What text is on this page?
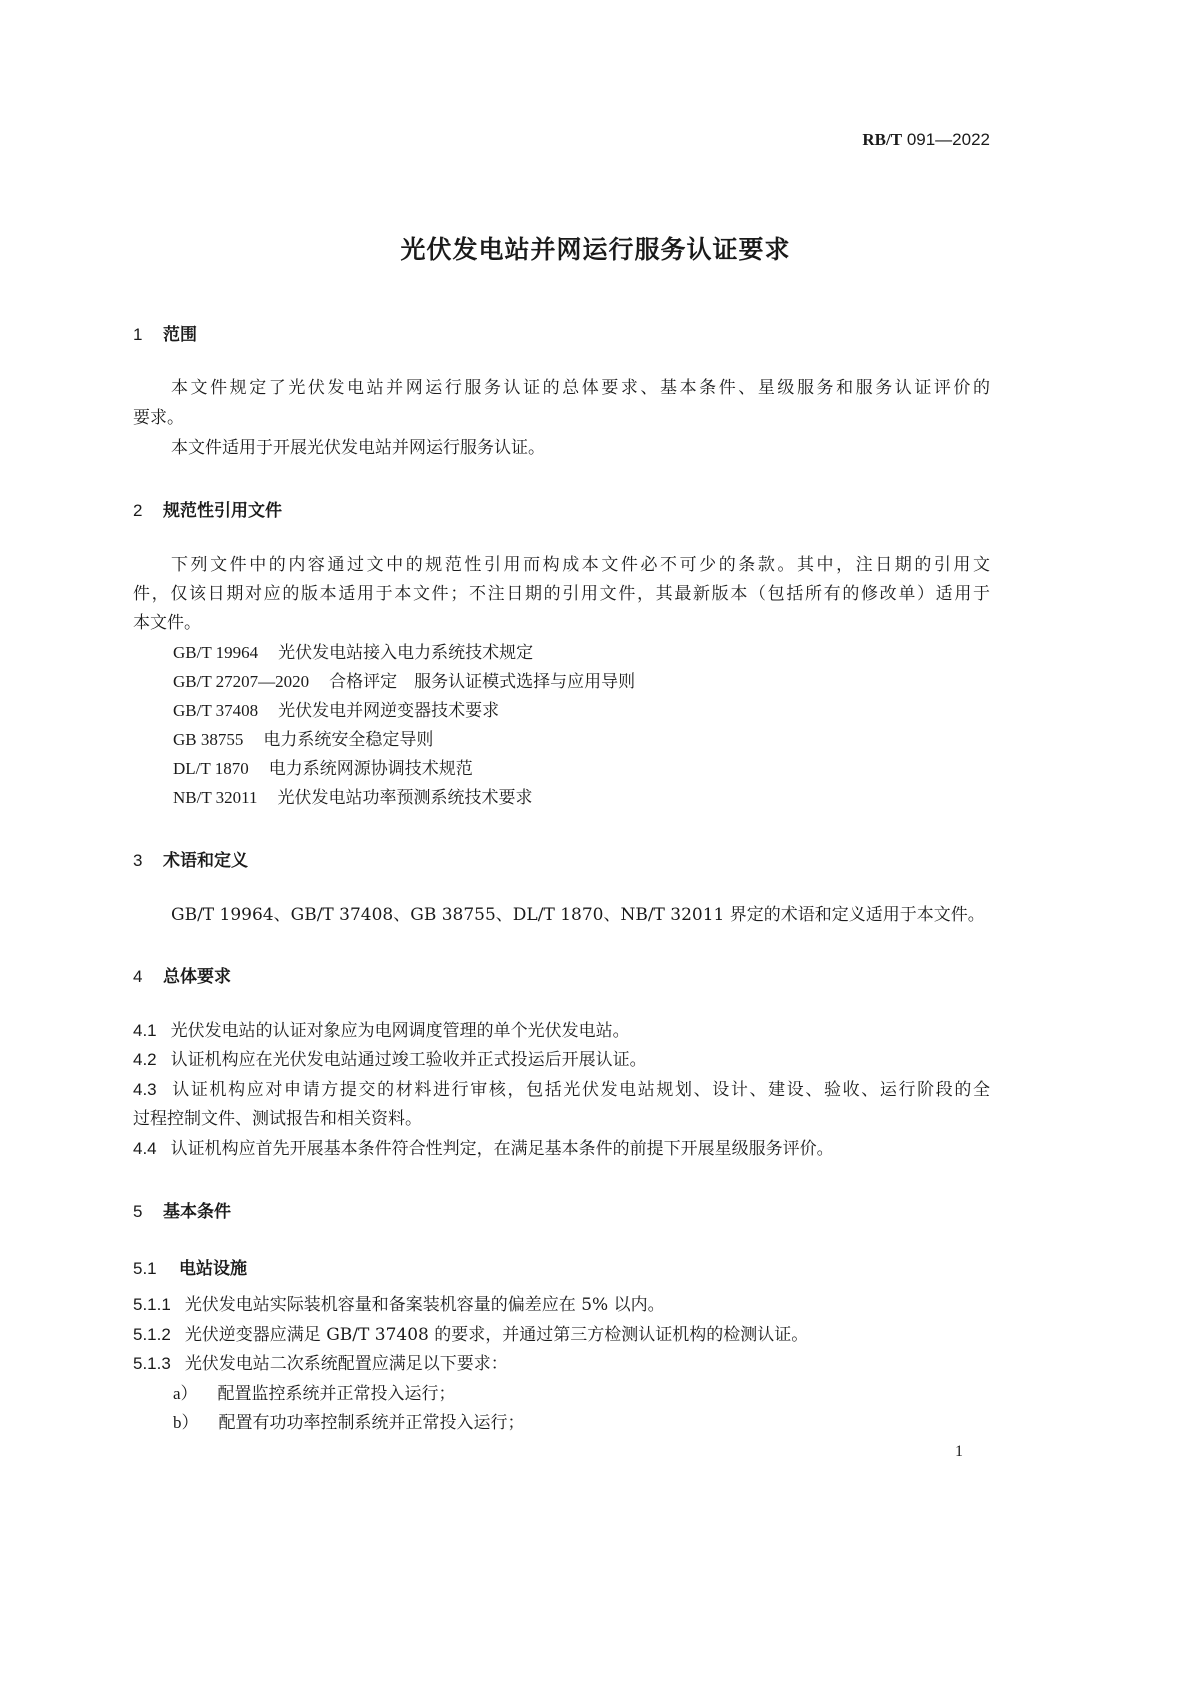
RB/T 091—2022
光伏发电站并网运行服务认证要求
1 范围
本文件规定了光伏发电站并网运行服务认证的总体要求、基本条件、星级服务和服务认证评价的
要求。
本文件适用于开展光伏发电站并网运行服务认证。
2 规范性引用文件
下列文件中的内容通过文中的规范性引用而构成本文件必不可少的条款。其中，注日期的引用文
件，仅该日期对应的版本适用于本文件；不注日期的引用文件，其最新版本（包括所有的修改单）适用于
本文件。
GB/T 19964 光伏发电站接入电力系统技术规定
GB/T 27207—2020 合格评定　服务认证模式选择与应用导则
GB/T 37408 光伏发电并网逆变器技术要求
GB 38755 电力系统安全稳定导则
DL/T 1870 电力系统网源协调技术规范
NB/T 32011 光伏发电站功率预测系统技术要求
3 术语和定义
GB/T 19964、GB/T 37408、GB 38755、DL/T 1870、NB/T 32011 界定的术语和定义适用于本文件。
4 总体要求
4.1 光伏发电站的认证对象应为电网调度管理的单个光伏发电站。
4.2 认证机构应在光伏发电站通过竣工验收并正式投运后开展认证。
4.3 认证机构应对申请方提交的材料进行审核，包括光伏发电站规划、设计、建设、验收、运行阶段的全
过程控制文件、测试报告和相关资料。
4.4 认证机构应首先开展基本条件符合性判定，在满足基本条件的前提下开展星级服务评价。
5 基本条件
5.1 电站设施
5.1.1 光伏发电站实际装机容量和备案装机容量的偏差应在 5% 以内。
5.1.2 光伏逆变器应满足 GB/T 37408 的要求，并通过第三方检测认证机构的检测认证。
5.1.3 光伏发电站二次系统配置应满足以下要求：
a） 配置监控系统并正常投入运行；
b） 配置有功功率控制系统并正常投入运行；
1
